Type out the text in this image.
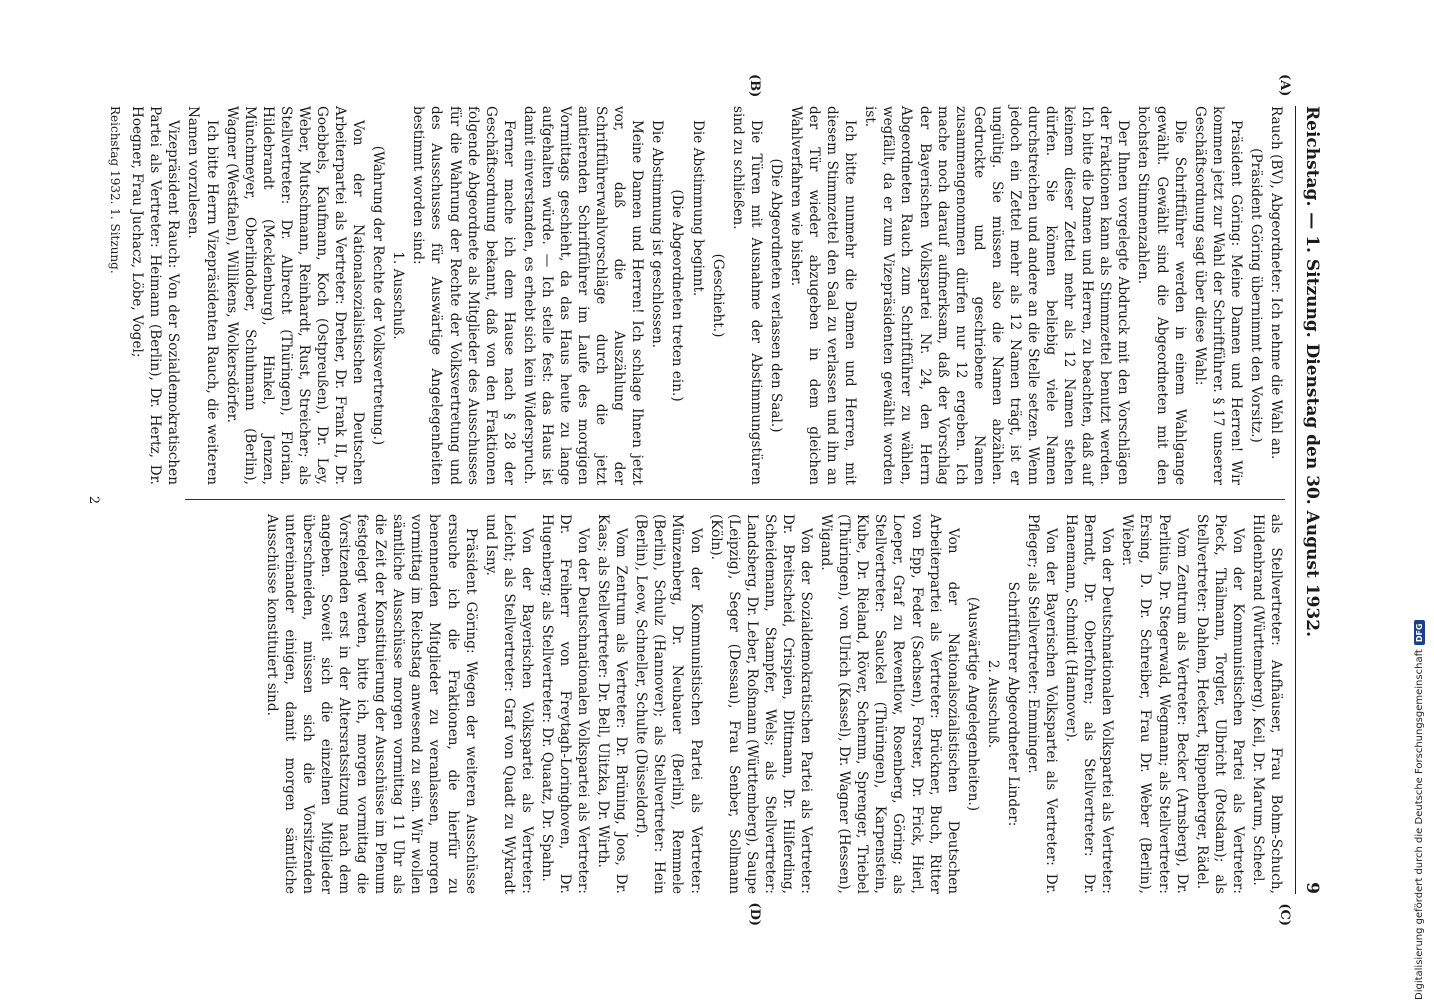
Reichstag. — 1. Sitzung. Dienstag den 30. August 1932.
9
(A)
(B)
(C)
(D)

Rauch (BV), Abgeordneter: Ich nehme die Wahl an.

(Präsident Göring übernimmt den Vorsitz.)

Präsident Göring: Meine Damen und Herren! Wir kommen jetzt zur Wahl der Schriftführer. § 17 unserer Geschäftsordnung sagt über diese Wahl:

Die Schriftführer werden in einem Wahlgange gewählt. Gewählt sind die Abgeordneten mit den höchsten Stimmenzahlen.

Der Ihnen vorgelegte Abdruck mit den Vorschlägen der Fraktionen kann als Stimmzettel benutzt werden. Ich bitte die Damen und Herren, zu beachten, daß auf keinem dieser Zettel mehr als 12 Namen stehen dürfen. Sie können beliebig viele Namen durchstreichen und andere an die Stelle setzen. Wenn jedoch ein Zettel mehr als 12 Namen trägt, ist er ungültig. Sie müssen also die Namen abzählen. Gedruckte und geschriebene Namen zusammengenommen dürfen nur 12 ergeben. Ich mache noch darauf aufmerksam, daß der Vorschlag der Bayerischen Volkspartei Nr. 24, den Herrn Abgeordneten Rauch zum Schriftführer zu wählen, wegfällt, da er zum Vizepräsidenten gewählt worden ist.

Ich bitte nunmehr die Damen und Herren, mit diesem Stimmzettel den Saal zu verlassen und ihn an der Tür wieder abzugeben in dem gleichen Wahlverfahren wie bisher.

(Die Abgeordneten verlassen den Saal.)

Die Türen mit Ausnahme der Abstimmungstüren sind zu schließen.

(Geschieht.)

Die Abstimmung beginnt.

(Die Abgeordneten treten ein.)

Die Abstimmung ist geschlossen.

Meine Damen und Herren! Ich schlage Ihnen jetzt vor, daß die Auszählung der Schriftführerwahlvorschläge durch die jetzt amtierenden Schriftführer im Laufe des morgigen Vormittags geschieht, da das Haus heute zu lange aufgehalten würde. — Ich stelle fest: das Haus ist damit einverstanden, es erhebt sich kein Widerspruch.

Ferner mache ich dem Hause nach § 28 der Geschäftsordnung bekannt, daß von den Fraktionen folgende Abgeordnete als Mitglieder des Ausschusses für die Wahrung der Rechte der Volksvertretung und des Ausschusses für Auswärtige Angelegenheiten bestimmt worden sind:

1. Ausschuß.

(Wahrung der Rechte der Volksvertretung.)

Von der Nationalsozialistischen Deutschen Arbeiterpartei als Vertreter: Dreher, Dr. Frank II, Dr. Goebbels, Kaufmann, Koch (Ostpreußen), Dr. Ley, Weber, Mutschmann, Reinhardt, Rust, Streicher; als Stellvertreter: Dr. Albrecht (Thüringen), Florian, Hildebrandt (Mecklenburg), Hinkel, Jenzen, Münchmeyer, Oberlindober, Schuhmann (Berlin), Wagner (Westfalen), Willikens, Wolkersdörfer.

Ich bitte Herrn Vizepräsidenten Rauch, die weiteren Namen vorzulesen.

Vizepräsident Rauch: Von der Sozialdemokratischen Partei als Vertreter: Heimann (Berlin), Dr. Hertz, Dr. Hoegner, Frau Juchacz, Löbe, Vogel;

Reichstag 1932. 1. Sitzung.

als Stellvertreter: Aufhäuser, Frau Bohm-Schuch, Hildenbrand (Württemberg), Keil, Dr. Marum, Scheel.

Von der Kommunistischen Partei als Vertreter: Pieck, Thälmann, Torgler, Ulbricht (Potsdam); als Stellvertreter: Dahlem, Heckert, Rippenberger, Rädel.

Vom Zentrum als Vertreter: Becker (Arnsberg), Dr. Perlitius, Dr. Stegerwald, Wegmann; als Stellvertreter: Ersing, D. Dr. Schreiber, Frau Dr. Weber (Berlin), Wieber.

Von der Deutschnationalen Volkspartei als Vertreter: Berndt, Dr. Oberfohren; als Stellvertreter: Dr. Hanemann, Schmidt (Hannover).

Von der Bayerischen Volkspartei als Vertreter: Dr. Pfleger; als Stellvertreter: Emminger.

Schriftführer Abgeordneter Linder:

2. Ausschuß.

(Auswärtige Angelegenheiten.)

Von der Nationalsozialistischen Deutschen Arbeiterpartei als Vertreter: Brückner, Buch, Ritter von Epp, Feder (Sachsen), Forster, Dr. Frick, Hierl, Loeper, Graf zu Reventlow, Rosenberg, Göring; als Stellvertreter: Sauckel (Thüringen), Karpenstein, Kube, Dr. Rieland, Röver, Schemm, Sprenger, Triebel (Thüringen), von Ulrich (Kassel), Dr. Wagner (Hessen), Wigand.

Von der Sozialdemokratischen Partei als Vertreter: Dr. Breitscheid, Crispien, Dittmann, Dr. Hilferding, Scheidemann, Stampfer, Wels; als Stellvertreter: Landsberg, Dr. Leber, Roßmann (Württemberg), Saupe (Leipzig), Seger (Dessau), Frau Senber, Sollmann (Köln).

Von der Kommunistischen Partei als Vertreter: Münzenberg, Dr. Neubauer (Berlin), Remmele (Berlin), Schulz (Hannover); als Stellvertreter: Hein (Berlin), Leow, Schneller, Schulte (Düsseldorf).

Vom Zentrum als Vertreter: Dr. Brüning, Joos, Dr. Kaas; als Stellvertreter: Dr. Bell, Ulitzka, Dr. Wirth.

Von der Deutschnationalen Volkspartei als Vertreter: Dr. Freiherr von Freytagh-Loringhoven, Dr. Hugenberg; als Stellvertreter: Dr. Quaatz, Dr. Spahn.

Von der Bayerischen Volkspartei als Vertreter: Leicht; als Stellvertreter: Graf von Quadt zu Wykradt und Isny.

Präsident Göring: Wegen der weiteren Ausschüsse ersuche ich die Fraktionen, die hierfür zu benennenden Mitglieder zu veranlassen, morgen vormittag im Reichstag anwesend zu sein. Wir wollen sämtliche Ausschüsse morgen vormittag 11 Uhr als die Zeit der Konstituierung der Ausschüsse im Plenum festgelegt werden, bitte ich, morgen vormittag die Vorsitzenden erst in der Altersratssitzung nach dem angeben. Soweit sich die einzelnen Mitglieder überschneiden, müssen sich die Vorsitzenden untereinander einigen, damit morgen sämtliche Ausschüsse konstituiert sind.

2
Digitalisierung gefördert durch die Deutsche Forschungsgemeinschaft
DFG
